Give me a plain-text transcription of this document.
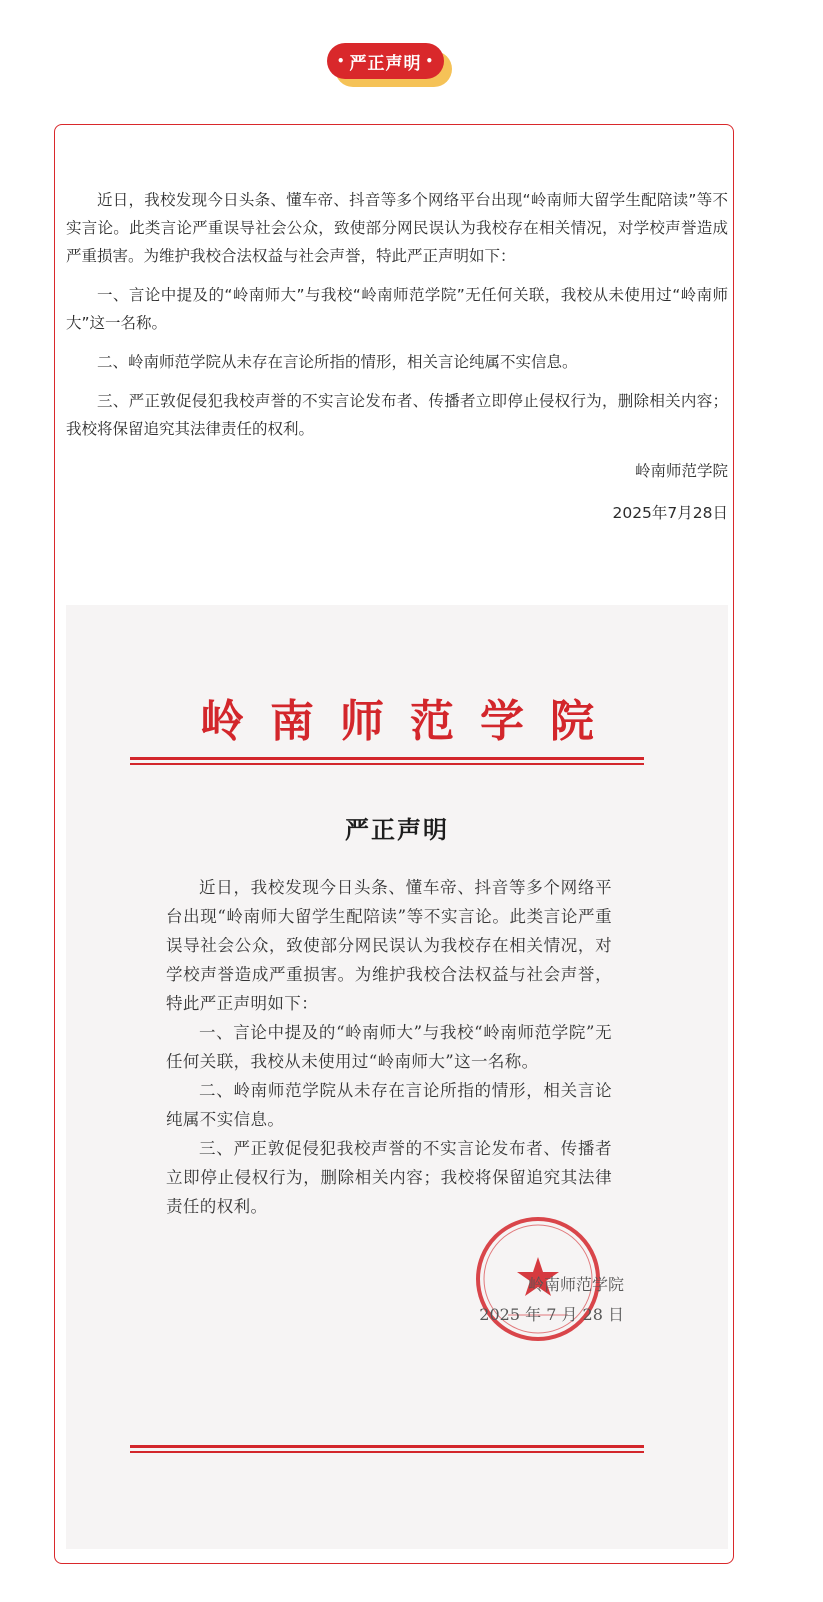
• 严正声明 •

近日，我校发现今日头条、懂车帝、抖音等多个网络平台出现“岭南师大留学生配陪读”等不实言论。此类言论严重误导社会公众，致使部分网民误认为我校存在相关情况，对学校声誉造成严重损害。为维护我校合法权益与社会声誉，特此严正声明如下：

一、言论中提及的“岭南师大”与我校“岭南师范学院”无任何关联，我校从未使用过“岭南师大”这一名称。

二、岭南师范学院从未存在言论所指的情形，相关言论纯属不实信息。

三、严正敦促侵犯我校声誉的不实言论发布者、传播者立即停止侵权行为，删除相关内容；我校将保留追究其法律责任的权利。

岭南师范学院
2025年7月28日
岭南师范学院
严正声明

近日，我校发现今日头条、懂车帝、抖音等多个网络平台出现“岭南师大留学生配陪读”等不实言论。此类言论严重误导社会公众，致使部分网民误认为我校存在相关情况，对学校声誉造成严重损害。为维护我校合法权益与社会声誉，特此严正声明如下：

一、言论中提及的“岭南师大”与我校“岭南师范学院”无任何关联，我校从未使用过“岭南师大”这一名称。

二、岭南师范学院从未存在言论所指的情形，相关言论纯属不实信息。

三、严正敦促侵犯我校声誉的不实言论发布者、传播者立即停止侵权行为，删除相关内容；我校将保留追究其法律责任的权利。

岭南师范学院
2025 年 7 月 28 日
